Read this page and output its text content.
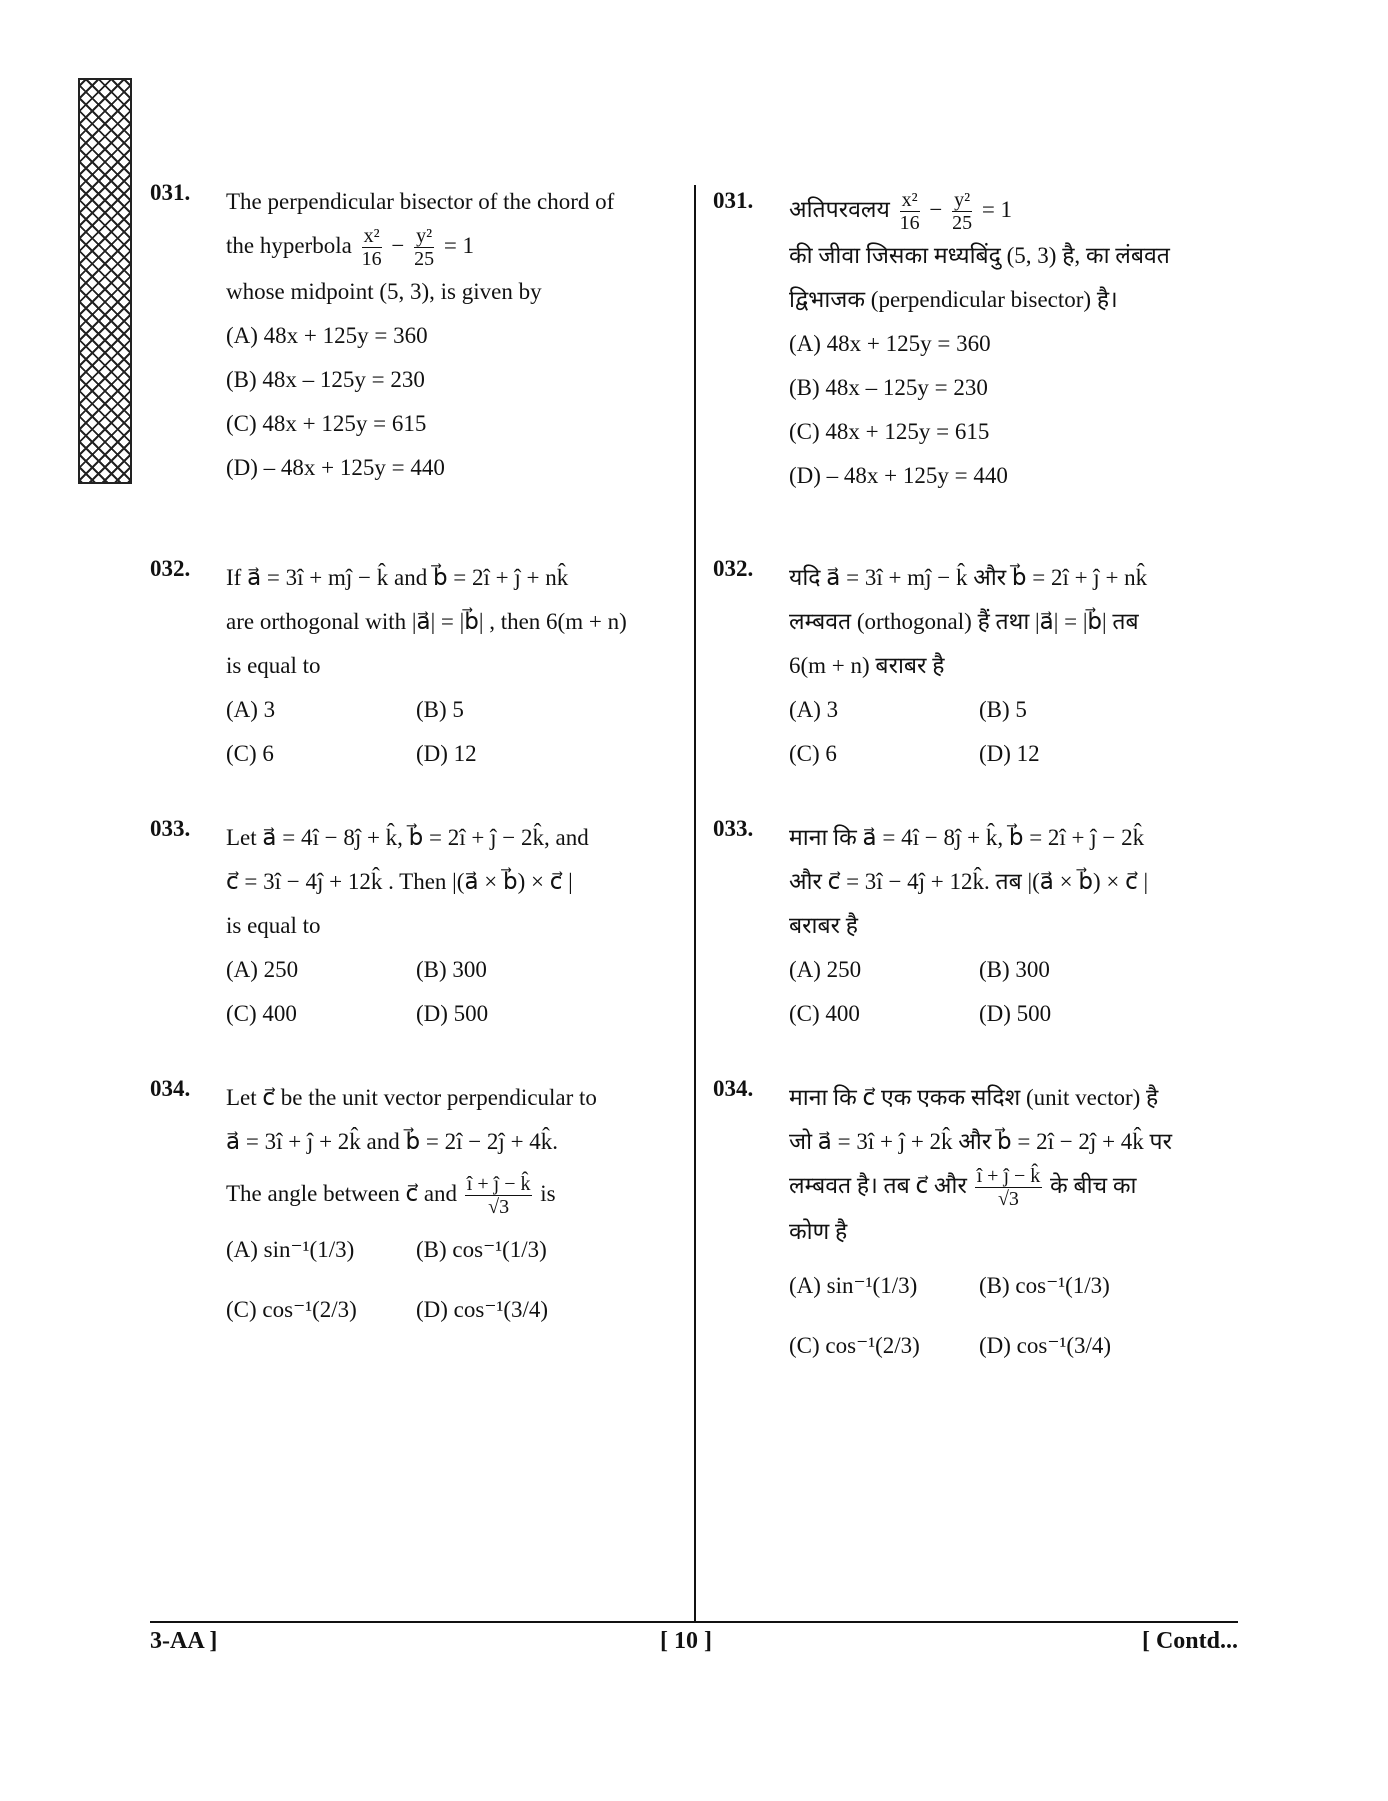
031. The perpendicular bisector of the chord of
the hyperbola $\frac{\text{x²}}{16} - \frac{\text{y²}}{25} = 1$
whose midpoint (5, 3), is given by
(A) 48x + 125y = 360
(B) 48x – 125y = 230
(C) 48x + 125y = 615
(D) – 48x + 125y = 440
032. If a⃗ = 3î + mĵ − k̂ and b⃗ = 2î + ĵ + nk̂
are orthogonal with |a⃗| = |b⃗| , then 6(m + n)
is equal to
(A) 3	(B) 5
(C) 6	(D) 12
033. Let a⃗ = 4î − 8ĵ + k̂, b⃗ = 2î + ĵ − 2k̂, and
c⃗ = 3î − 4ĵ + 12k̂ . Then |(a⃗ × b⃗) × c⃗ |
is equal to
(A) 250	(B) 300
(C) 400	(D) 500
034. Let c⃗ be the unit vector perpendicular to
a⃗ = 3î + ĵ + 2k̂ and b⃗ = 2î − 2ĵ + 4k̂.
The angle between c⃗ and $\frac{î + ĵ - k̂}{√3}$ is
(A) sin⁻¹(1/3)	(B) cos⁻¹(1/3)
(C) cos⁻¹(2/3)	(D) cos⁻¹(3/4)
031. अतिपरवलय $\frac{\text{x²}}{16} - \frac{\text{y²}}{25} = 1$
की जीवा जिसका मध्यबिंदु (5, 3) है, का लंबवत
द्विभाजक (perpendicular bisector) है।
(A) 48x + 125y = 360
(B) 48x – 125y = 230
(C) 48x + 125y = 615
(D) – 48x + 125y = 440
032. यदि a⃗ = 3î + mĵ − k̂ और b⃗ = 2î + ĵ + nk̂
लम्बवत (orthogonal) हैं तथा |a⃗| = |b⃗| तब
6(m + n) बराबर है
(A) 3	(B) 5
(C) 6	(D) 12
033. माना कि a⃗ = 4î − 8ĵ + k̂, b⃗ = 2î + ĵ − 2k̂
और c⃗ = 3î − 4ĵ + 12k̂. तब |(a⃗ × b⃗) × c⃗ |
बराबर है
(A) 250	(B) 300
(C) 400	(D) 500
034. माना कि c⃗ एक एकक सदिश (unit vector) है
जो a⃗ = 3î + ĵ + 2k̂ और b⃗ = 2î − 2ĵ + 4k̂ पर
लम्बवत है। तब c⃗ और $\frac{î + ĵ - k̂}{√3}$ के बीच का
कोण है
(A) sin⁻¹(1/3)	(B) cos⁻¹(1/3)
(C) cos⁻¹(2/3)	(D) cos⁻¹(3/4)
3-AA ]	[ 10 ]	[ Contd...
